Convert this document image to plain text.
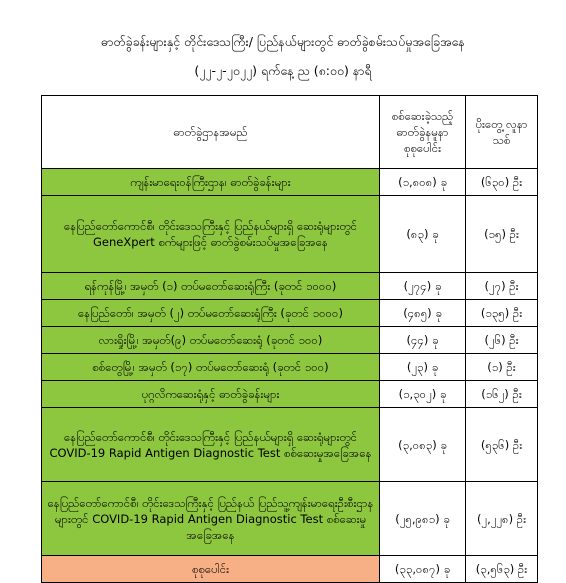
ဓာတ်ခွဲခန်းများနှင့် တိုင်းဒေသကြီး/ ပြည်နယ်များတွင် ဓာတ်ခွဲစမ်းသပ်မှုအခြေအနေ
(၂၂-၂-၂၀၂၂) ရက်နေ့ ည (၈:၀၀) နာရီ
ဓာတ်ခွဲဌာနအမည်	စစ်ဆေးခဲ့သည့် ဓာတ်ခွဲနမူနာ စုစုပေါင်း	ပိုးတွေ့ လူနာသစ်
ကျန်းမာရေးဝန်ကြီးဌာန၊ ဓာတ်ခွဲခန်းများ	(၁,၈၀၈) ခု	(၆၃၀) ဦး
နေပြည်တော်ကောင်စီ၊ တိုင်းဒေသကြီးနှင့် ပြည်နယ်များရှိ ဆေးရုံများတွင် GeneXpert စက်များဖြင့် ဓာတ်ခွဲစမ်းသပ်မှုအခြေအနေ	(၈၃) ခု	(၁၅) ဦး
ရန်ကုန်မြို့၊ အမှတ် (၁) တပ်မတော်ဆေးရုံကြီး (ခုတင် ၁၀၀၀)	(၂၇၄) ခု	(၂၇) ဦး
နေပြည်တော်၊ အမှတ် (၂) တပ်မတော်ဆေးရုံကြီး (ခုတင် ၁၀၀၀)	(၄၈၅) ခု	(၁၃၅) ဦး
လားရှိုးမြို့၊ အမှတ်(၉) တပ်မတော်ဆေးရုံ (ခုတင် ၁၀၀)	(၄၄) ခု	(၂၆) ဦး
စစ်တွေမြို့၊ အမှတ် (၁၇) တပ်မတော်ဆေးရုံ (ခုတင် ၁၀၀)	(၂၃) ခု	(၁) ဦး
ပုဂ္ဂလိကဆေးရုံနှင့် ဓာတ်ခွဲခန်းများ	(၁,၃၀၂) ခု	(၁၆၂) ဦး
နေပြည်တော်ကောင်စီ၊ တိုင်းဒေသကြီးနှင့် ပြည်နယ်များရှိ ဆေးရုံများတွင် COVID-19 Rapid Antigen Diagnostic Test စစ်ဆေးမှုအခြေအနေ	(၃,၀၈၃) ခု	(၅၃၆) ဦး
နေပြည်တော်ကောင်စီ၊ တိုင်းဒေသကြီးနှင့် ပြည်နယ် ပြည်သူ့ကျန်းမာရေးဦးစီးဌာနများတွင် COVID-19 Rapid Antigen Diagnostic Test စစ်ဆေးမှုအခြေအနေ	(၂၅,၉၈၁) ခု	(၂,၂၂၈) ဦး
စုစုပေါင်း	(၃၃,၀၈၇) ခု	(၃,၅၆၃) ဦး
